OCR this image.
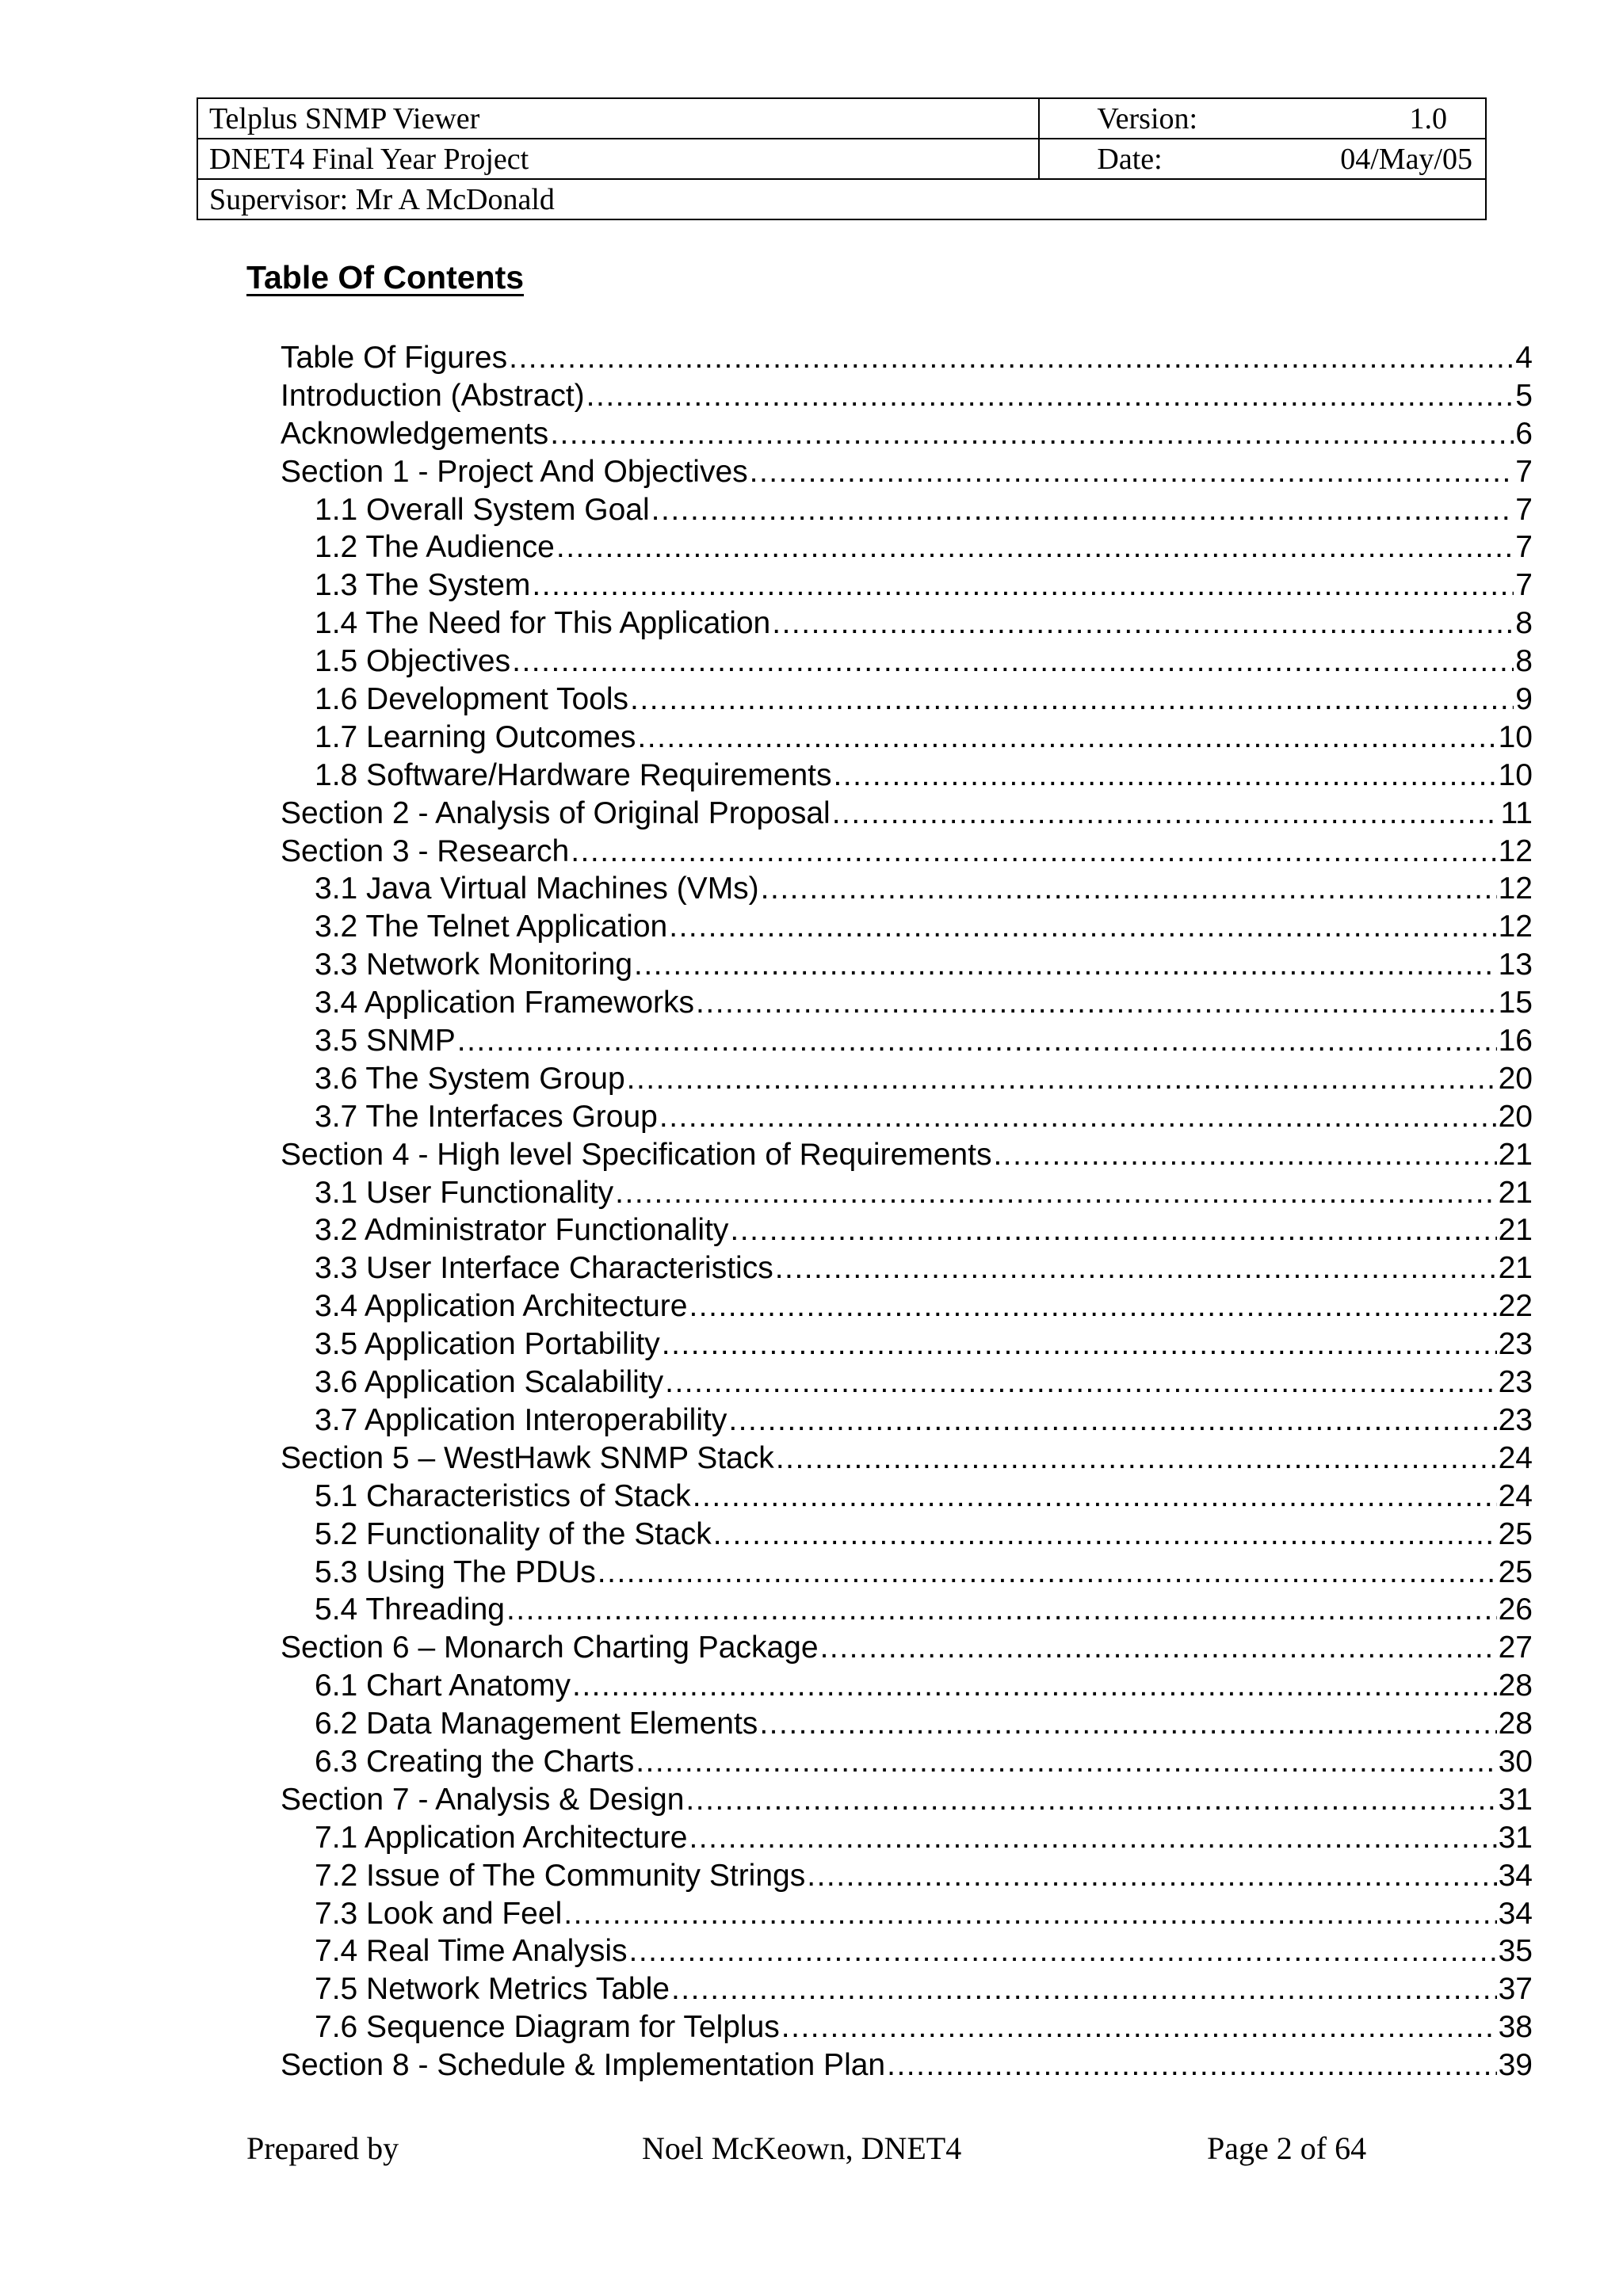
Telplus SNMP Viewer	Version: 1.0

DNET4 Final Year Project	Date: 04/May/05

Supervisor: Mr A McDonald	
Table Of Contents
Table Of Figures .....	4
Introduction (Abstract) .....	5
Acknowledgements .....	6
Section 1 - Project And Objectives .....	7
1.1 Overall System Goal .....	7
1.2 The Audience .....	7
1.3 The System .....	7
1.4 The Need for This Application .....	8
1.5 Objectives .....	8
1.6 Development Tools .....	9
1.7 Learning Outcomes .....	10
1.8 Software/Hardware Requirements .....	10
Section 2 - Analysis of Original Proposal .....	11
Section 3 - Research .....	12
3.1 Java Virtual Machines (VMs) .....	12
3.2 The Telnet Application .....	12
3.3 Network Monitoring .....	13
3.4 Application Frameworks .....	15
3.5 SNMP .....	16
3.6 The System Group .....	20
3.7 The Interfaces Group .....	20
Section 4 - High level Specification of Requirements .....	21
3.1 User Functionality .....	21
3.2 Administrator Functionality .....	21
3.3 User Interface Characteristics .....	21
3.4 Application Architecture .....	22
3.5 Application Portability .....	23
3.6 Application Scalability .....	23
3.7 Application Interoperability .....	23
Section 5 – WestHawk SNMP Stack .....	24
5.1 Characteristics of Stack .....	24
5.2 Functionality of the Stack .....	25
5.3 Using The PDUs .....	25
5.4 Threading .....	26
Section 6 – Monarch Charting Package .....	27
6.1 Chart Anatomy .....	28
6.2 Data Management Elements .....	28
6.3 Creating the Charts .....	30
Section 7 - Analysis & Design .....	31
7.1 Application Architecture .....	31
7.2 Issue of The Community Strings .....	34
7.3 Look and Feel .....	34
7.4 Real Time Analysis .....	35
7.5 Network Metrics Table .....	37
7.6 Sequence Diagram for Telplus .....	38
Section 8 - Schedule & Implementation Plan .....	39
Prepared by	Noel McKeown, DNET4	Page 2 of 64
